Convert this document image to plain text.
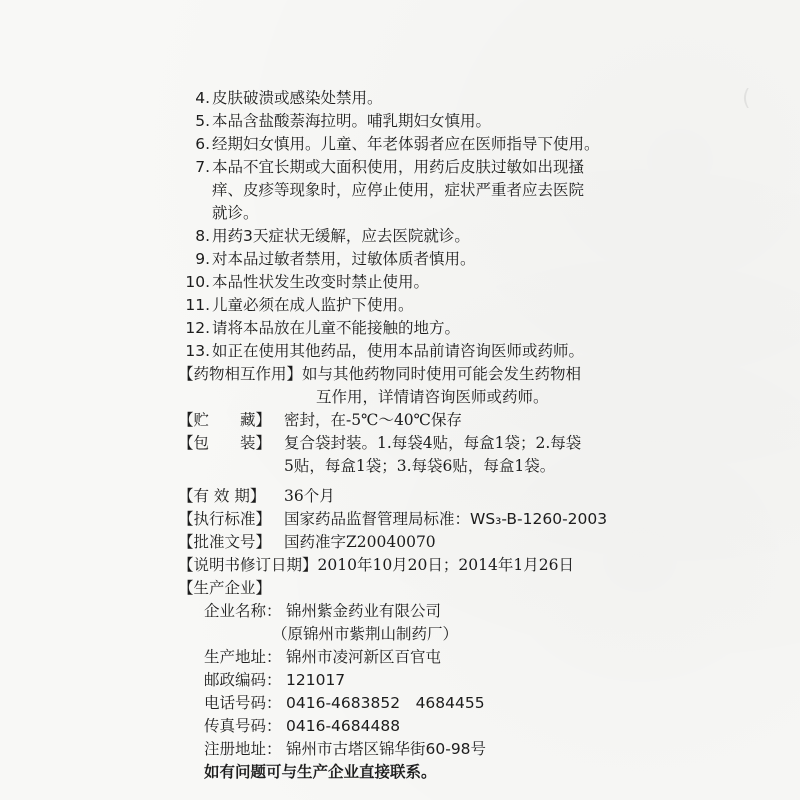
(
4. 皮肤破溃或感染处禁用。
5. 本品含盐酸萘海拉明。哺乳期妇女慎用。
6. 经期妇女慎用。儿童、年老体弱者应在医师指导下使用。
7. 本品不宜长期或大面积使用，用药后皮肤过敏如出现搔
痒、皮疹等现象时，应停止使用，症状严重者应去医院
就诊。
8. 用药3天症状无缓解，应去医院就诊。
9. 对本品过敏者禁用，过敏体质者慎用。
10. 本品性状发生改变时禁止使用。
11. 儿童必须在成人监护下使用。
12. 请将本品放在儿童不能接触的地方。
13. 如正在使用其他药品，使用本品前请咨询医师或药师。
【药物相互作用】如与其他药物同时使用可能会发生药物相
互作用，详情请咨询医师或药师。
【贮　　藏】 密封，在-5℃～40℃保存
【包　　装】 复合袋封装。1.每袋4贴，每盒1袋；2.每袋
5贴，每盒1袋；3.每袋6贴，每盒1袋。
【有 效 期】 36个月
【执行标准】 国家药品监督管理局标准：WS₃-B-1260-2003
【批准文号】 国药准字Z20040070
【说明书修订日期】2010年10月20日；2014年1月26日
【生产企业】
企业名称： 锦州紫金药业有限公司
（原锦州市紫荆山制药厂）
生产地址： 锦州市凌河新区百官屯
邮政编码： 121017
电话号码： 0416-4683852　4684455
传真号码： 0416-4684488
注册地址： 锦州市古塔区锦华街60-98号
如有问题可与生产企业直接联系。
